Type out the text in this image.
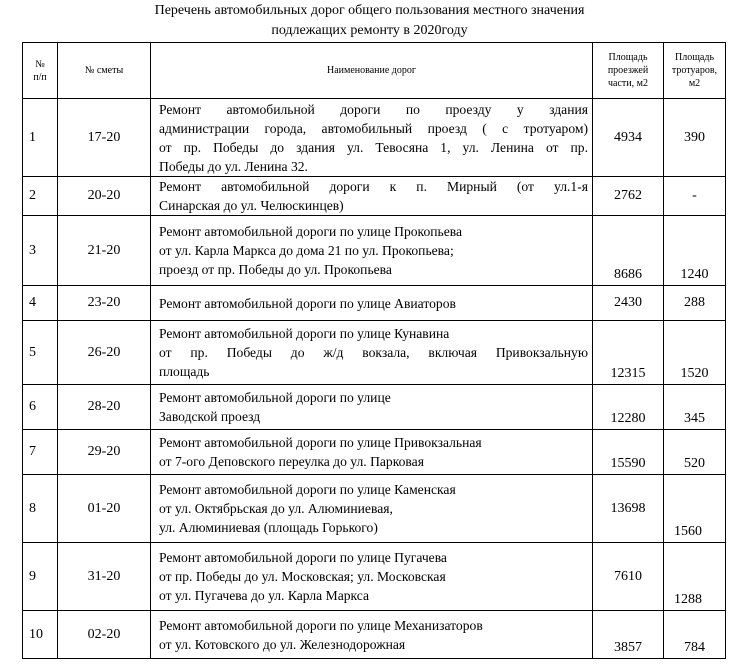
Перечень автомобильных дорог общего пользования местного значения
подлежащих ремонту в 2020году
№
п/п	№ сметы	Наименование дорог	Площадь
проезжей
части, м2	Площадь
тротуаров,
м2
1	17-20	Ремонт автомобильной дороги по проезду у здания
администрации города, автомобильный проезд ( с тротуаром)
от пр. Победы до здания ул. Тевосяна 1, ул. Ленина от пр.
Победы до ул. Ленина 32.	4934	390
2	20-20	Ремонт автомобильной дороги к п. Мирный (от ул.1-я
Синарская до ул. Челюскинцев)	2762	-
3	21-20	Ремонт автомобильной дороги по улице Прокопьева
от ул. Карла Маркса до дома 21 по ул. Прокопьева;
проезд от пр. Победы до ул. Прокопьева	8686	1240
4	23-20	Ремонт автомобильной дороги по улице Авиаторов	2430	288
5	26-20	Ремонт автомобильной дороги по улице Кунавина
от пр. Победы до ж/д вокзала, включая Привокзальную
площадь	12315	1520
6	28-20	Ремонт автомобильной дороги по улице
Заводской проезд	12280	345
7	29-20	Ремонт автомобильной дороги по улице Привокзальная
от 7-ого Деповского переулка до ул. Парковая	15590	520
8	01-20	Ремонт автомобильной дороги по улице Каменская
от ул. Октябрьская до ул. Алюминиевая,
ул. Алюминиевая (площадь Горького)	13698	1560
9	31-20	Ремонт автомобильной дороги по улице Пугачева
от пр. Победы до ул. Московская; ул. Московская
от ул. Пугачева до ул. Карла Маркса	7610	1288
10	02-20	Ремонт автомобильной дороги по улице Механизаторов
от ул. Котовского до ул. Железнодорожная	3857	784
